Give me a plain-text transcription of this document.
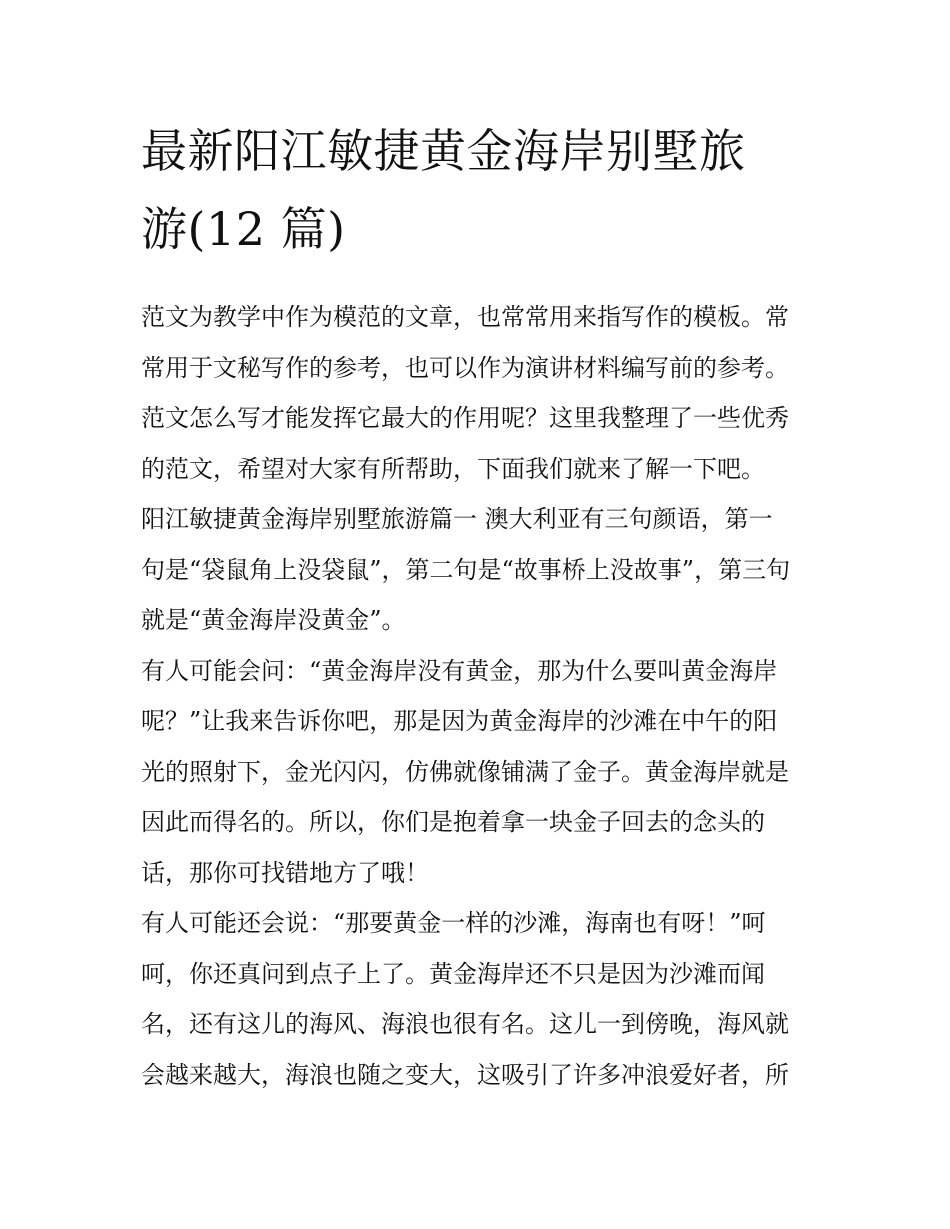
最新阳江敏捷黄金海岸别墅旅
游(12 篇)

范文为教学中作为模范的文章，也常常用来指写作的模板。常
常用于文秘写作的参考，也可以作为演讲材料编写前的参考。
范文怎么写才能发挥它最大的作用呢？这里我整理了一些优秀
的范文，希望对大家有所帮助，下面我们就来了解一下吧。

阳江敏捷黄金海岸别墅旅游篇一 澳大利亚有三句颜语，第一
句是“袋鼠角上没袋鼠”，第二句是“故事桥上没故事”，第三句
就是“黄金海岸没黄金”。

有人可能会问：“黄金海岸没有黄金，那为什么要叫黄金海岸
呢？”让我来告诉你吧，那是因为黄金海岸的沙滩在中午的阳
光的照射下，金光闪闪，仿佛就像铺满了金子。黄金海岸就是
因此而得名的。所以，你们是抱着拿一块金子回去的念头的
话，那你可找错地方了哦！

有人可能还会说：“那要黄金一样的沙滩，海南也有呀！”呵
呵，你还真问到点子上了。黄金海岸还不只是因为沙滩而闻
名，还有这儿的海风、海浪也很有名。这儿一到傍晚，海风就
会越来越大，海浪也随之变大，这吸引了许多冲浪爱好者，所
